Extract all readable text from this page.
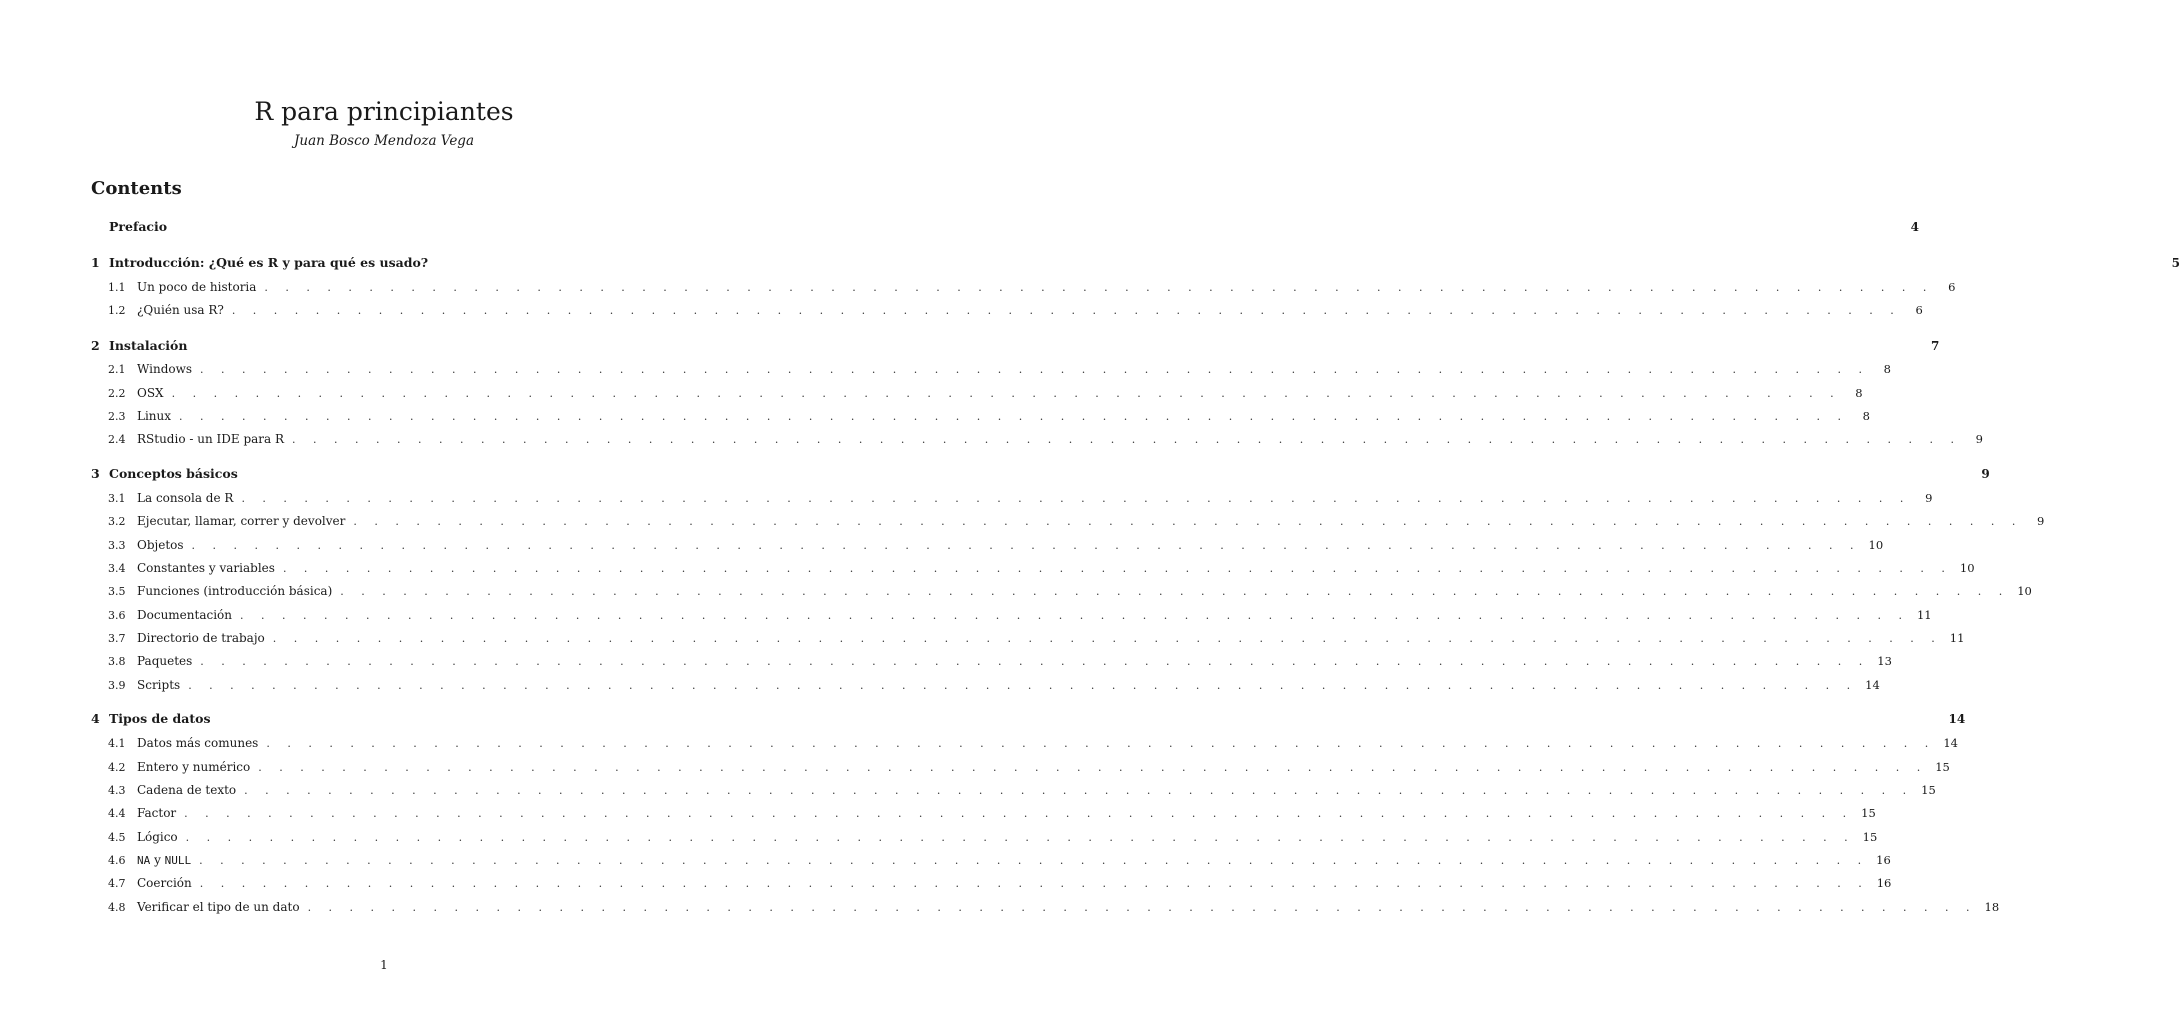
R para principiantes
Juan Bosco Mendoza Vega
Contents
Prefacio	4
1 Introducción: ¿Qué es R y para qué es usado?	5
1.1 Un poco de historia . . . . . . . . . . . . . . . . . . . . . . . . . . . . . . . . . . . . . . . . . . . . . . . . . . . . . . . . . . . . . . . . . . . . . . . . . . . . . . . .	6
1.2 ¿Quién usa R? . . . . . . . . . . . . . . . . . . . . . . . . . . . . . . . . . . . . . . . . . . . . . . . . . . . . . . . . . . . . . . . . . . . . . . . . . . . . . . . .	6
2 Instalación	7
2.1 Windows . . . . . . . . . . . . . . . . . . . . . . . . . . . . . . . . . . . . . . . . . . . . . . . . . . . . . . . . . . . . . . . . . . . . . . . . . . . . . . . .	8
2.2 OSX . . . . . . . . . . . . . . . . . . . . . . . . . . . . . . . . . . . . . . . . . . . . . . . . . . . . . . . . . . . . . . . . . . . . . . . . . . . . . . . .	8
2.3 Linux . . . . . . . . . . . . . . . . . . . . . . . . . . . . . . . . . . . . . . . . . . . . . . . . . . . . . . . . . . . . . . . . . . . . . . . . . . . . . . . .	8
2.4 RStudio - un IDE para R . . . . . . . . . . . . . . . . . . . . . . . . . . . . . . . . . . . . . . . . . . . . . . . . . . . . . . . . . . . . . . . . . . . . . . . . . . . . . . . .	9
3 Conceptos básicos	9
3.1 La consola de R . . . . . . . . . . . . . . . . . . . . . . . . . . . . . . . . . . . . . . . . . . . . . . . . . . . . . . . . . . . . . . . . . . . . . . . . . . . . . . . .	9
3.2 Ejecutar, llamar, correr y devolver . . . . . . . . . . . . . . . . . . . . . . . . . . . . . . . . . . . . . . . . . . . . . . . . . . . . . . . . . . . . . . . . . . . . . . . . . . . . . . . .	9
3.3 Objetos . . . . . . . . . . . . . . . . . . . . . . . . . . . . . . . . . . . . . . . . . . . . . . . . . . . . . . . . . . . . . . . . . . . . . . . . . . . . . . . . 10
3.4 Constantes y variables . . . . . . . . . . . . . . . . . . . . . . . . . . . . . . . . . . . . . . . . . . . . . . . . . . . . . . . . . . . . . . . . . . . . . . . . . . . . . . . . 10
3.5 Funciones (introducción básica) . . . . . . . . . . . . . . . . . . . . . . . . . . . . . . . . . . . . . . . . . . . . . . . . . . . . . . . . . . . . . . . . . . . . . . . . . . . . . . . . 10
3.6 Documentación . . . . . . . . . . . . . . . . . . . . . . . . . . . . . . . . . . . . . . . . . . . . . . . . . . . . . . . . . . . . . . . . . . . . . . . . . . . . . . . . 11
3.7 Directorio de trabajo . . . . . . . . . . . . . . . . . . . . . . . . . . . . . . . . . . . . . . . . . . . . . . . . . . . . . . . . . . . . . . . . . . . . . . . . . . . . . . . . 11
3.8 Paquetes . . . . . . . . . . . . . . . . . . . . . . . . . . . . . . . . . . . . . . . . . . . . . . . . . . . . . . . . . . . . . . . . . . . . . . . . . . . . . . . . 13
3.9 Scripts . . . . . . . . . . . . . . . . . . . . . . . . . . . . . . . . . . . . . . . . . . . . . . . . . . . . . . . . . . . . . . . . . . . . . . . . . . . . . . . . 14
4 Tipos de datos	14
4.1 Datos más comunes . . . . . . . . . . . . . . . . . . . . . . . . . . . . . . . . . . . . . . . . . . . . . . . . . . . . . . . . . . . . . . . . . . . . . . . . . . . . . . . . 14
4.2 Entero y numérico . . . . . . . . . . . . . . . . . . . . . . . . . . . . . . . . . . . . . . . . . . . . . . . . . . . . . . . . . . . . . . . . . . . . . . . . . . . . . . . . 15
4.3 Cadena de texto . . . . . . . . . . . . . . . . . . . . . . . . . . . . . . . . . . . . . . . . . . . . . . . . . . . . . . . . . . . . . . . . . . . . . . . . . . . . . . . . 15
4.4 Factor . . . . . . . . . . . . . . . . . . . . . . . . . . . . . . . . . . . . . . . . . . . . . . . . . . . . . . . . . . . . . . . . . . . . . . . . . . . . . . . . 15
4.5 Lógico . . . . . . . . . . . . . . . . . . . . . . . . . . . . . . . . . . . . . . . . . . . . . . . . . . . . . . . . . . . . . . . . . . . . . . . . . . . . . . . . 15
4.6	NA y NULL . . . . . . . . . . . . . . . . . . . . . . . . . . . . . . . . . . . . . . . . . . . . . . . . . . . . . . . . . . . . . . . . . . . . . . . . . . . . . . . . 16
4.7 Coerción . . . . . . . . . . . . . . . . . . . . . . . . . . . . . . . . . . . . . . . . . . . . . . . . . . . . . . . . . . . . . . . . . . . . . . . . . . . . . . . . 16
4.8 Verificar el tipo de un dato . . . . . . . . . . . . . . . . . . . . . . . . . . . . . . . . . . . . . . . . . . . . . . . . . . . . . . . . . . . . . . . . . . . . . . . . . . . . . . . . 18
1
